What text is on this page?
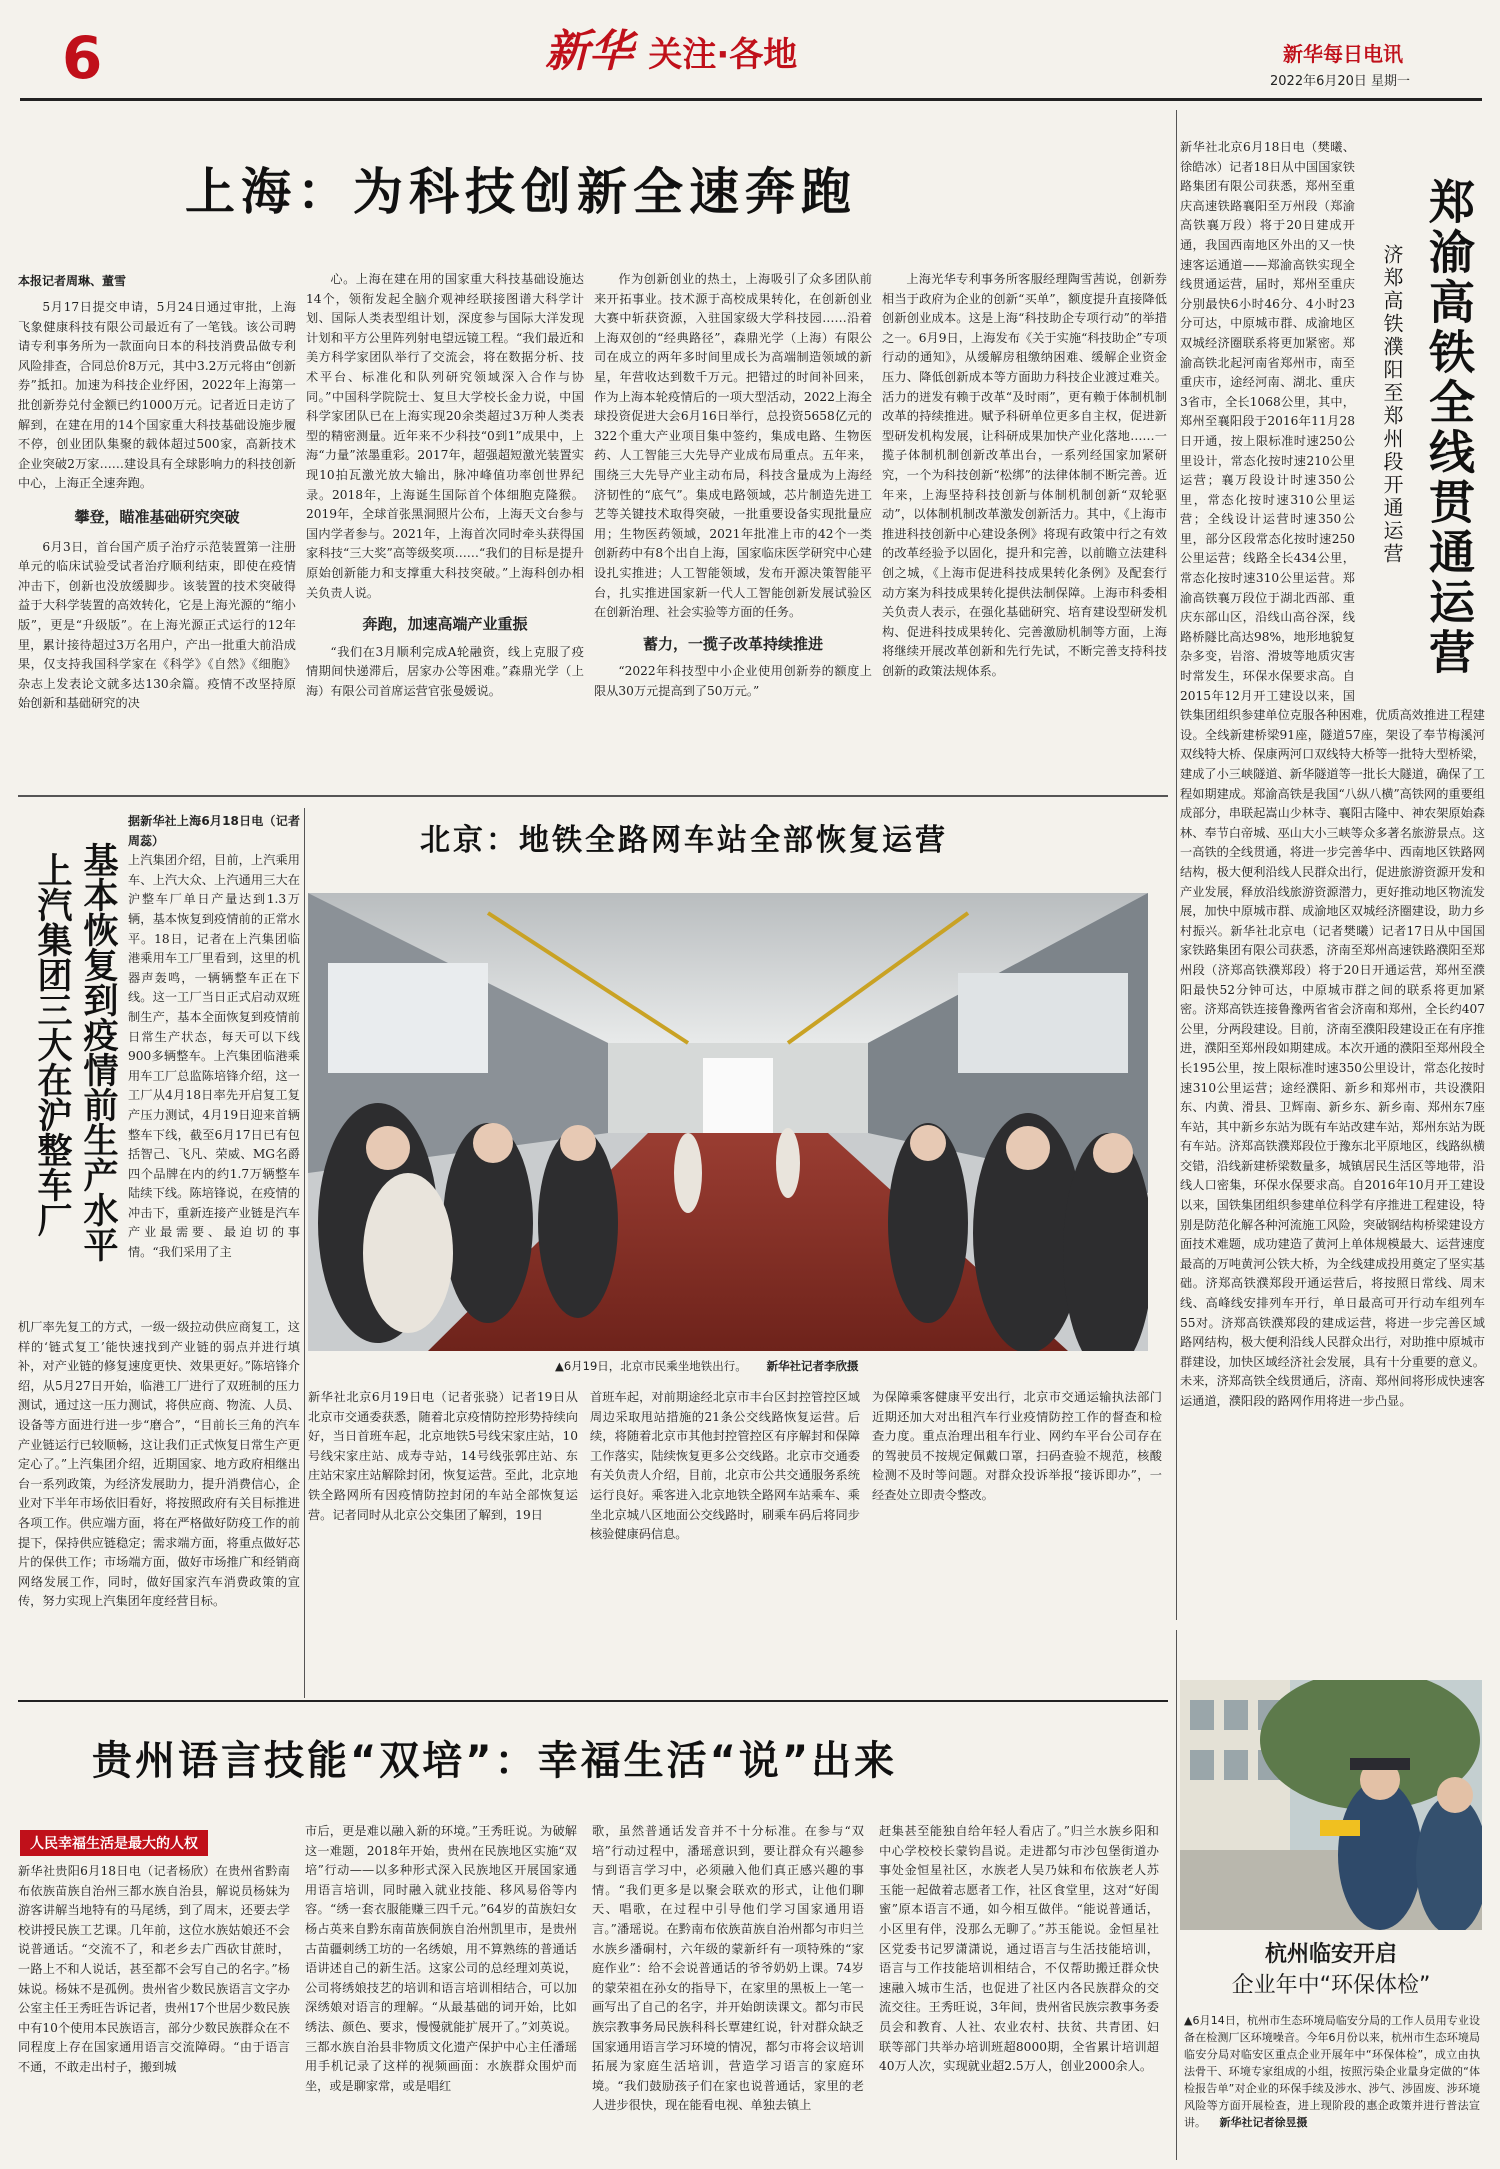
6	新华 关注·各地	新华每日电讯
2022年6月20日 星期一
上海：为科技创新全速奔跑
本报记者周琳、董雪

5月17日提交申请，5月24日通过审批，上海飞象健康科技有限公司最近有了一笔钱。该公司聘请专利事务所为一款面向日本的科技消费品做专利风险排查，合同总价8万元，其中3.2万元将由“创新券”抵扣。加速为科技企业纾困，2022年上海第一批创新券兑付金额已约1000万元。记者近日走访了解到，在建在用的14个国家重大科技基础设施步履不停，创业团队集聚的载体超过500家，高新技术企业突破2万家……建设具有全球影响力的科技创新中心，上海正全速奔跑。

攀登，瞄准基础研究突破

6月3日，首台国产质子治疗示范装置第一注册单元的临床试验受试者治疗顺利结束，即使在疫情冲击下，创新也没放缓脚步。该装置的技术突破得益于大科学装置的高效转化，它是上海光源的“缩小版”，更是“升级版”。在上海光源正式运行的12年里，累计接待超过3万名用户，产出一批重大前沿成果，仅支持我国科学家在《科学》《自然》《细胞》杂志上发表论文就多达130余篇。疫情不改坚持原始创新和基础研究的决

心。上海在建在用的国家重大科技基础设施达14个，领衔发起全脑介观神经联接图谱大科学计划、国际人类表型组计划，深度参与国际大洋发现计划和平方公里阵列射电望远镜工程。“我们最近和美方科学家团队举行了交流会，将在数据分析、技术平台、标准化和队列研究领域深入合作与协同。”中国科学院院士、复旦大学校长金力说，中国科学家团队已在上海实现20余类超过3万种人类表型的精密测量。近年来不少科技“0到1”成果中，上海“力量”浓墨重彩。2017年，超强超短激光装置实现10拍瓦激光放大输出，脉冲峰值功率创世界纪录。2018年，上海诞生国际首个体细胞克隆猴。2019年，全球首张黑洞照片公布，上海天文台参与国内学者参与。2021年，上海首次同时牵头获得国家科技“三大奖”高等级奖项……“我们的目标是提升原始创新能力和支撑重大科技突破。”上海科创办相关负责人说。

奔跑，加速高端产业重振

“我们在3月顺利完成A轮融资，线上克服了疫情期间快递滞后，居家办公等困难。”森鼎光学（上海）有限公司首席运营官张曼媛说。

作为创新创业的热土，上海吸引了众多团队前来开拓事业。技术源于高校成果转化，在创新创业大赛中斩获资源，入驻国家级大学科技园……沿着上海双创的“经典路径”，森鼎光学（上海）有限公司在成立的两年多时间里成长为高端制造领域的新星，年营收达到数千万元。把错过的时间补回来，作为上海本轮疫情后的一项大型活动，2022上海全球投资促进大会6月16日举行，总投资5658亿元的322个重大产业项目集中签约，集成电路、生物医药、人工智能三大先导产业成布局重点。五年来，围绕三大先导产业主动布局，科技含量成为上海经济韧性的“底气”。集成电路领域，芯片制造先进工艺等关键技术取得突破，一批重要设备实现批量应用；生物医药领域，2021年批准上市的42个一类创新药中有8个出自上海，国家临床医学研究中心建设扎实推进；人工智能领域，发布开源决策智能平台，扎实推进国家新一代人工智能创新发展试验区在创新治理、社会实验等方面的任务。

蓄力，一揽子改革持续推进

“2022年科技型中小企业使用创新券的额度上限从30万元提高到了50万元。”

上海光华专利事务所客服经理陶雪茜说，创新券相当于政府为企业的创新“买单”，额度提升直接降低创新创业成本。这是上海“科技助企专项行动”的举措之一。6月9日，上海发布《关于实施“科技助企”专项行动的通知》，从缓解房租缴纳困难、缓解企业资金压力、降低创新成本等方面助力科技企业渡过难关。活力的迸发有赖于改革“及时雨”，更有赖于体制机制改革的持续推进。赋予科研单位更多自主权，促进新型研发机构发展，让科研成果加快产业化落地……一揽子体制机制创新改革出台，一系列经国家加紧研究，一个为科技创新“松绑”的法律体制不断完善。近年来，上海坚持科技创新与体制机制创新“双轮驱动”，以体制机制改革激发创新活力。其中，《上海市推进科技创新中心建设条例》将现有政策中行之有效的改革经验予以固化，提升和完善，以前瞻立法建科创之城，《上海市促进科技成果转化条例》及配套行动方案为科技成果转化提供法制保障。上海市科委相关负责人表示，在强化基础研究、培育建设型研发机构、促进科技成果转化、完善激励机制等方面，上海将继续开展改革创新和先行先试，不断完善支持科技创新的政策法规体系。	郑渝高铁全线贯通运营
济郑高铁濮阳至郑州段开通运营

新华社北京6月18日电（樊曦、徐皓冰）记者18日从中国国家铁路集团有限公司获悉，郑州至重庆高速铁路襄阳至万州段（郑渝高铁襄万段）将于20日建成开通，我国西南地区外出的又一快速客运通道——郑渝高铁实现全线贯通运营，届时，郑州至重庆分别最快6小时46分、4小时23分可达，中原城市群、成渝地区双城经济圈联系将更加紧密。郑渝高铁北起河南省郑州市，南至重庆市，途经河南、湖北、重庆3省市，全长1068公里，其中，郑州至襄阳段于2016年11月28日开通，按上限标准时速250公里设计，常态化按时速210公里运营；襄万段设计时速350公里，常态化按时速310公里运营；全线设计运营时速350公里，部分区段常态化按时速250公里运营；线路全长434公里，常态化按时速310公里运营。郑渝高铁襄万段位于湖北西部、重庆东部山区，沿线山高谷深，线路桥隧比高达98%，地形地貌复杂多变，岩溶、滑坡等地质灾害时常发生，环保水保要求高。自2015年12月开工建设以来，国铁集团组织参建单位克服各种困难，优质高效推进工程建设。全线新建桥梁91座，隧道57座，架设了奉节梅溪河双线特大桥、保康两河口双线特大桥等一批特大型桥梁，建成了小三峡隧道、新华隧道等一批长大隧道，确保了工程如期建成。郑渝高铁是我国“八纵八横”高铁网的重要组成部分，串联起嵩山少林寺、襄阳古隆中、神农架原始森林、奉节白帝城、巫山大小三峡等众多著名旅游景点。这一高铁的全线贯通，将进一步完善华中、西南地区铁路网结构，极大便利沿线人民群众出行，促进旅游资源开发和产业发展，释放沿线旅游资源潜力，更好推动地区物流发展，加快中原城市群、成渝地区双城经济圈建设，助力乡村振兴。新华社北京电（记者樊曦）记者17日从中国国家铁路集团有限公司获悉，济南至郑州高速铁路濮阳至郑州段（济郑高铁濮郑段）将于20日开通运营，郑州至濮阳最快52分钟可达，中原城市群之间的联系将更加紧密。济郑高铁连接鲁豫两省省会济南和郑州，全长约407公里，分两段建设。目前，济南至濮阳段建设正在有序推进，濮阳至郑州段如期建成。本次开通的濮阳至郑州段全长195公里，按上限标准时速350公里设计，常态化按时速310公里运营；途经濮阳、新乡和郑州市，共设濮阳东、内黄、滑县、卫辉南、新乡东、新乡南、郑州东7座车站，其中新乡东站为既有车站改建车站，郑州东站为既有车站。济郑高铁濮郑段位于豫东北平原地区，线路纵横交错，沿线新建桥梁数量多，城镇居民生活区等地带，沿线人口密集，环保水保要求高。自2016年10月开工建设以来，国铁集团组织参建单位科学有序推进工程建设，特别是防范化解各种河流施工风险，突破钢结构桥梁建设方面技术难题，成功建造了黄河上单体规模最大、运营速度最高的万吨黄河公铁大桥，为全线建成投用奠定了坚实基础。济郑高铁濮郑段开通运营后，将按照日常线、周末线、高峰线安排列车开行，单日最高可开行动车组列车55对。济郑高铁濮郑段的建成运营，将进一步完善区域路网结构，极大便利沿线人民群众出行，对助推中原城市群建设，加快区域经济社会发展，具有十分重要的意义。未来，济郑高铁全线贯通后，济南、郑州间将形成快速客运通道，濮阳段的路网作用将进一步凸显。

基本恢复到疫情前生产水平
上汽集团三大在沪整车厂
据新华社上海6月18日电（记者周蕊）

上汽集团介绍，目前，上汽乘用车、上汽大众、上汽通用三大在沪整车厂单日产量达到1.3万辆，基本恢复到疫情前的正常水平。18日，记者在上汽集团临港乘用车工厂里看到，这里的机器声轰鸣，一辆辆整车正在下线。这一工厂当日正式启动双班制生产，基本全面恢复到疫情前日常生产状态，每天可以下线900多辆整车。上汽集团临港乘用车工厂总监陈培锋介绍，这一工厂从4月18日率先开启复工复产压力测试，4月19日迎来首辆整车下线，截至6月17日已有包括智己、飞凡、荣威、MG名爵四个品牌在内的约1.7万辆整车陆续下线。陈培锋说，在疫情的冲击下，重新连接产业链是汽车产业最需要、最迫切的事情。“我们采用了主

机厂率先复工的方式，一级一级拉动供应商复工，这样的‘链式复工’能快速找到产业链的弱点并进行填补，对产业链的修复速度更快、效果更好。”陈培锋介绍，从5月27日开始，临港工厂进行了双班制的压力测试，通过这一压力测试，将供应商、物流、人员、设备等方面进行进一步“磨合”，“目前长三角的汽车产业链运行已较顺畅，这让我们正式恢复日常生产更定心了。”上汽集团介绍，近期国家、地方政府相继出台一系列政策，为经济发展助力，提升消费信心，企业对下半年市场依旧看好，将按照政府有关目标推进各项工作。供应端方面，将在严格做好防疫工作的前提下，保持供应链稳定；需求端方面，将重点做好芯片的保供工作；市场端方面，做好市场推广和经销商网络发展工作，同时，做好国家汽车消费政策的宣传，努力实现上汽集团年度经营目标。

北京：地铁全路网车站全部恢复运营
▲6月19日，北京市民乘坐地铁出行。 新华社记者李欣摄

新华社北京6月19日电（记者张骁）记者19日从北京市交通委获悉，随着北京疫情防控形势持续向好，当日首班车起，北京地铁5号线宋家庄站，10号线宋家庄站、成寿寺站，14号线张郭庄站、东庄站宋家庄站解除封闭，恢复运营。至此，北京地铁全路网所有因疫情防控封闭的车站全部恢复运营。记者同时从北京公交集团了解到，19日

首班车起，对前期途经北京市丰台区封控管控区域周边采取甩站措施的21条公交线路恢复运营。后续，将随着北京市其他封控管控区有序解封和保障工作落实，陆续恢复更多公交线路。北京市交通委有关负责人介绍，目前，北京市公共交通服务系统运行良好。乘客进入北京地铁全路网车站乘车、乘坐北京城八区地面公交线路时，刷乘车码后将同步核验健康码信息。

为保障乘客健康平安出行，北京市交通运输执法部门近期还加大对出租汽车行业疫情防控工作的督查和检查力度。重点治理出租车行业、网约车平台公司存在的驾驶员不按规定佩戴口罩，扫码查验不规范，核酸检测不及时等问题。对群众投诉举报“接诉即办”，一经查处立即责令整改。

贵州语言技能“双培”：幸福生活“说”出来
人民幸福生活是最大的人权

新华社贵阳6月18日电（记者杨欣）在贵州省黔南布依族苗族自治州三都水族自治县，解说员杨妹为游客讲解当地特有的马尾绣，到了周末，还要去学校讲授民族工艺课。几年前，这位水族姑娘还不会说普通话。“交流不了，和老乡去广西砍甘蔗时，一路上不和人说话，甚至都不会写自己的名字。”杨妹说。杨妹不是孤例。贵州省少数民族语言文字办公室主任王秀旺告诉记者，贵州17个世居少数民族中有10个使用本民族语言，部分少数民族群众在不同程度上存在国家通用语言交流障碍。“由于语言不通，不敢走出村子，搬到城

市后，更是难以融入新的环境。”王秀旺说。为破解这一难题，2018年开始，贵州在民族地区实施“双培”行动——以多种形式深入民族地区开展国家通用语言培训，同时融入就业技能、移风易俗等内容。“绣一套衣服能赚三四千元。”64岁的苗族妇女杨占英来自黔东南苗族侗族自治州凯里市，是贵州古苗疆刺绣工坊的一名绣娘，用不算熟练的普通话语讲述自己的新生活。这家公司的总经理刘英说，公司将绣娘技艺的培训和语言培训相结合，可以加深绣娘对语言的理解。“从最基础的词开始，比如绣法、颜色、要求，慢慢就能扩展开了。”刘英说。三都水族自治县非物质文化遗产保护中心主任潘瑶用手机记录了这样的视频画面：水族群众围炉而坐，或是聊家常，或是唱红

歌，虽然普通话发音并不十分标准。在参与“双培”行动过程中，潘瑶意识到，要让群众有兴趣参与到语言学习中，必须融入他们真正感兴趣的事情。“我们更多是以聚会联欢的形式，让他们聊天、唱歌，在过程中引导他们学习国家通用语言。”潘瑶说。在黔南布依族苗族自治州都匀市归兰水族乡潘硐村，六年级的蒙新纤有一项特殊的“家庭作业”：给不会说普通话的爷爷奶奶上课。74岁的蒙荣祖在孙女的指导下，在家里的黑板上一笔一画写出了自己的名字，并开始朗读课文。都匀市民族宗教事务局民族科科长覃建红说，针对群众缺乏国家通用语言学习环境的情况，都匀市将会议培训拓展为家庭生活培训，营造学习语言的家庭环境。“我们鼓励孩子们在家也说普通话，家里的老人进步很快，现在能看电视、单独去镇上

赶集甚至能独自给年轻人看店了。”归兰水族乡阳和中心学校校长蒙钧昌说。走进都匀市沙包堡街道办事处金恒星社区，水族老人吴乃妹和布依族老人苏玉能一起做着志愿者工作，社区食堂里，这对“好闺蜜”原本语言不通，如今相互做伴。“能说普通话，小区里有伴，没那么无聊了。”苏玉能说。金恒星社区党委书记罗潇潇说，通过语言与生活技能培训，语言与工作技能培训相结合，不仅帮助搬迁群众快速融入城市生活，也促进了社区内各民族群众的交流交往。王秀旺说，3年间，贵州省民族宗教事务委员会和教育、人社、农业农村、扶贫、共青团、妇联等部门共举办培训班超8000期，全省累计培训超40万人次，实现就业超2.5万人，创业2000余人。

杭州临安开启
企业年中“环保体检”
▲6月14日，杭州市生态环境局临安分局的工作人员用专业设备在检测厂区环境噪音。今年6月份以来，杭州市生态环境局临安分局对临安区重点企业开展年中“环保体检”，成立由执法骨干、环境专家组成的小组，按照污染企业量身定做的“体检报告单”对企业的环保手续及涉水、涉气、涉固废、涉环境风险等方面开展检查，进上现阶段的惠企政策并进行普法宣讲。 新华社记者徐昱摄
